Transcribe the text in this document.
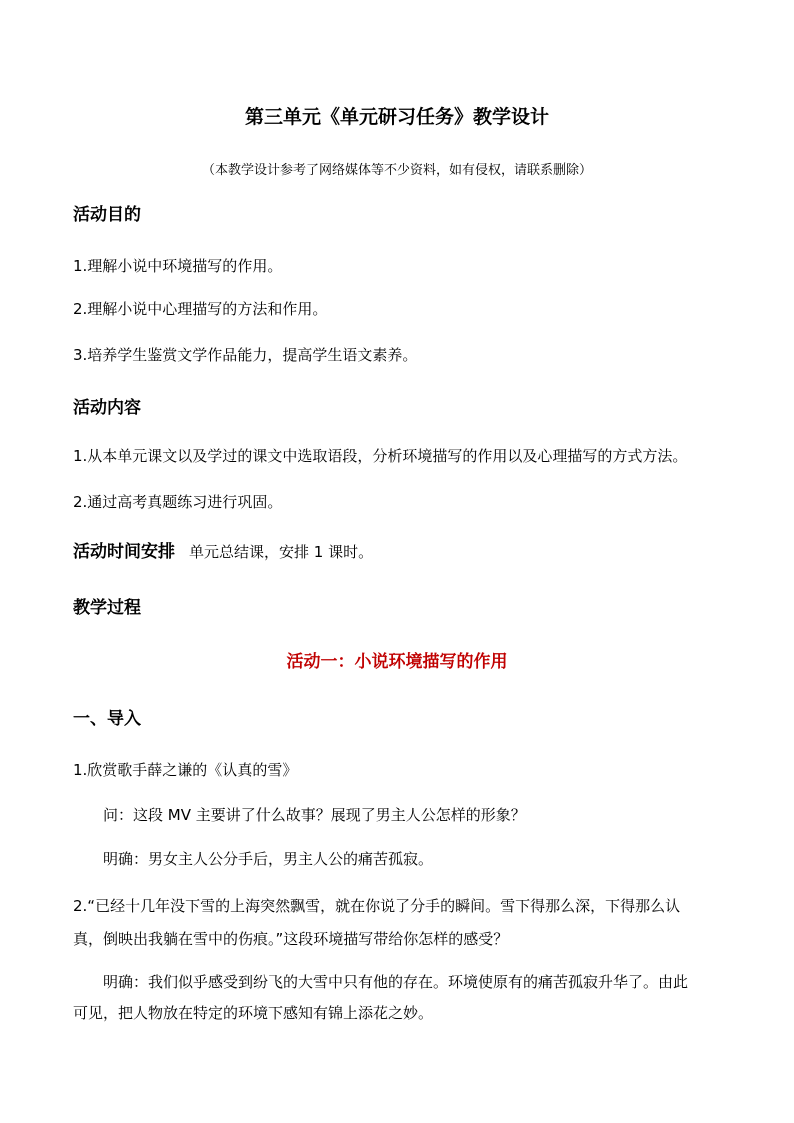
第三单元《单元研习任务》教学设计
（本教学设计参考了网络媒体等不少资料，如有侵权，请联系删除）
活动目的
1.理解小说中环境描写的作用。
2.理解小说中心理描写的方法和作用。
3.培养学生鉴赏文学作品能力，提高学生语文素养。
活动内容
1.从本单元课文以及学过的课文中选取语段，分析环境描写的作用以及心理描写的方式方法。
2.通过高考真题练习进行巩固。
活动时间安排 单元总结课，安排 1 课时。
教学过程
活动一：小说环境描写的作用
一、导入
1.欣赏歌手薛之谦的《认真的雪》
问：这段 MV 主要讲了什么故事？展现了男主人公怎样的形象？
明确：男女主人公分手后，男主人公的痛苦孤寂。
2.“已经十几年没下雪的上海突然飘雪，就在你说了分手的瞬间。雪下得那么深，下得那么认
真，倒映出我躺在雪中的伤痕。”这段环境描写带给你怎样的感受？
明确：我们似乎感受到纷飞的大雪中只有他的存在。环境使原有的痛苦孤寂升华了。由此
可见，把人物放在特定的环境下感知有锦上添花之妙。
